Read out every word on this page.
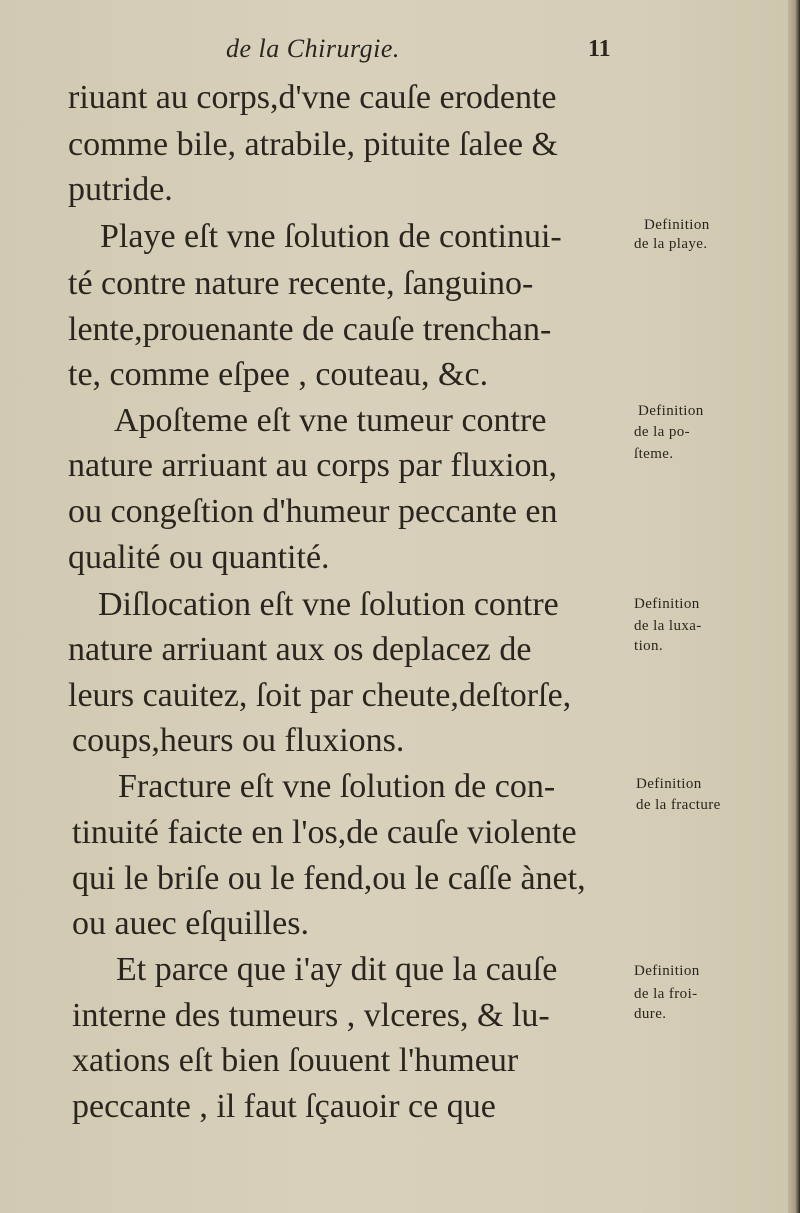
de la Chirurgie.	11
riuant au corps,d'vne cauſe erodente
comme bile, atrabile, pituite ſalee &
putride.
Playe eſt vne ſolution de continui-
té contre nature recente, ſanguino-
lente,prouenante de cauſe trenchan-
te, comme eſpee , couteau, &c.
Apoſteme eſt vne tumeur contre
nature arriuant au corps par fluxion,
ou congeſtion d'humeur peccante en
qualité ou quantité.
Diſlocation eſt vne ſolution contre
nature arriuant aux os deplacez de
leurs cauitez, ſoit par cheute,deſtorſe,
coups,heurs ou fluxions.
Fracture eſt vne ſolution de con-
tinuité faicte en l'os,de cauſe violente
qui le briſe ou le fend,ou le caſſe ànet,
ou auec eſquilles.
Et parce que i'ay dit que la cauſe
interne des tumeurs , vlceres, & lu-
xations eſt bien ſouuent l'humeur
peccante , il faut ſçauoir ce que
Definition
de la playe.
Definition
de la po-
ſteme.
Definition
de la luxa-
tion.
Definition
de la fracture
Definition
de la froi-
dure.
